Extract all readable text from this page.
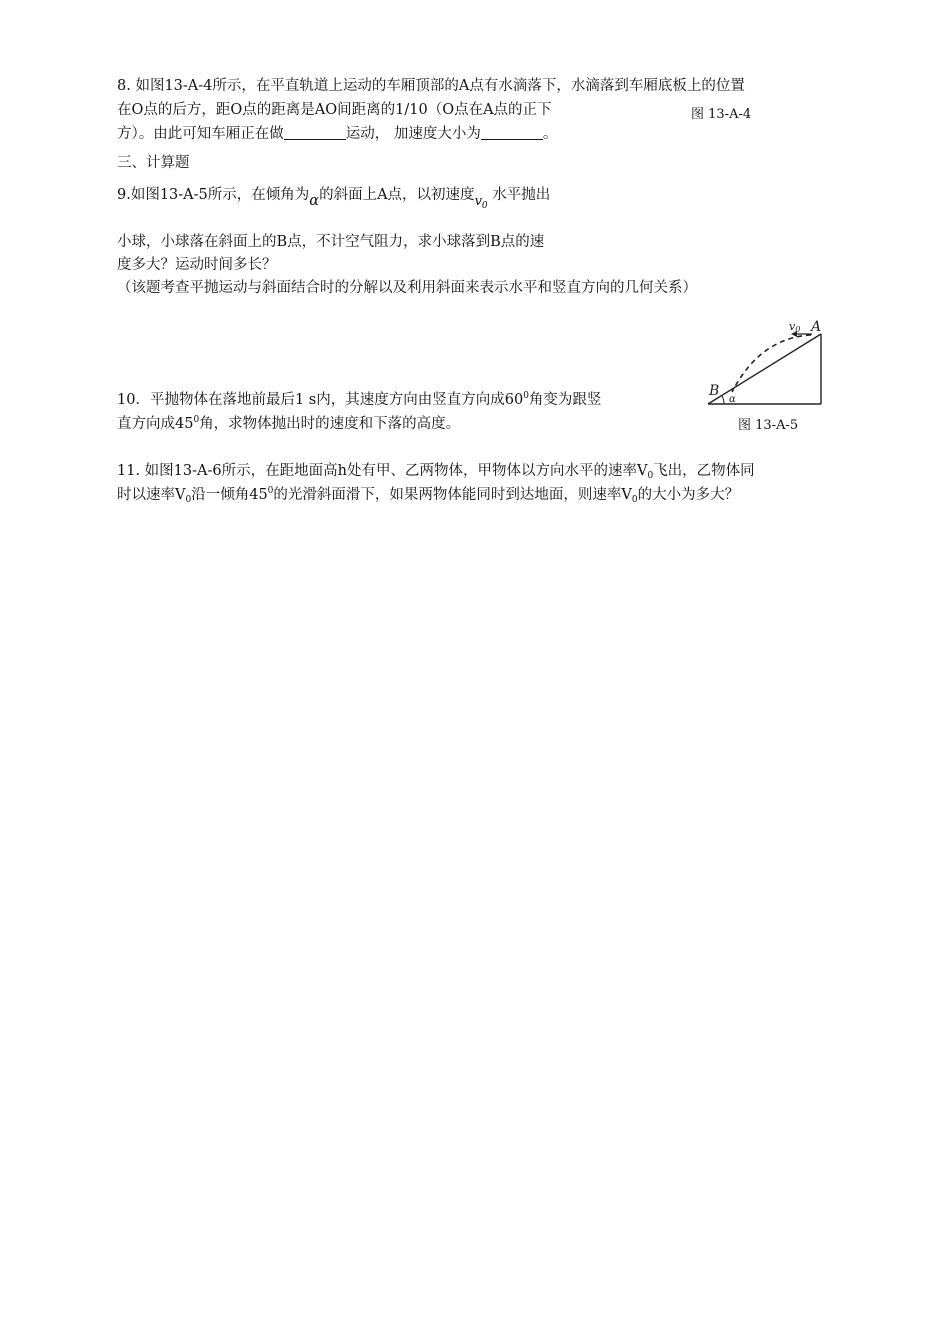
8. 如图13-A-4所示，在平直轨道上运动的车厢顶部的A点有水滴落下，水滴落到车厢底板上的位置
在O点的后方，距O点的距离是AO间距离的1/10（O点在A点的正下	图 13-A-4
方）。由此可知车厢正在做	运动， 加速度大小为	。
三、计算题
9.如图13-A-5所示，在倾角为α的斜面上A点，以初速度$v_0$ 水平抛出
小球，小球落在斜面上的B点，不计空气阻力，求小球落到B点的速
度多大？运动时间多长？
（该题考查平抛运动与斜面结合时的分解以及利用斜面来表示水平和竖直方向的几何关系）
v0 A
B
α
10．平抛物体在落地前最后1 s内，其速度方向由竖直方向成$60^0$角变为跟竖
直方向成$45^0$角，求物体抛出时的速度和下落的高度。	图 13-A-5
11. 如图13-A-6所示，在距地面高h处有甲、乙两物体，甲物体以方向水平的速率$V_0$飞出，乙物体同
时以速率$V_0$沿一倾角$45^0$的光滑斜面滑下，如果两物体能同时到达地面，则速率$V_0$的大小为多大？
